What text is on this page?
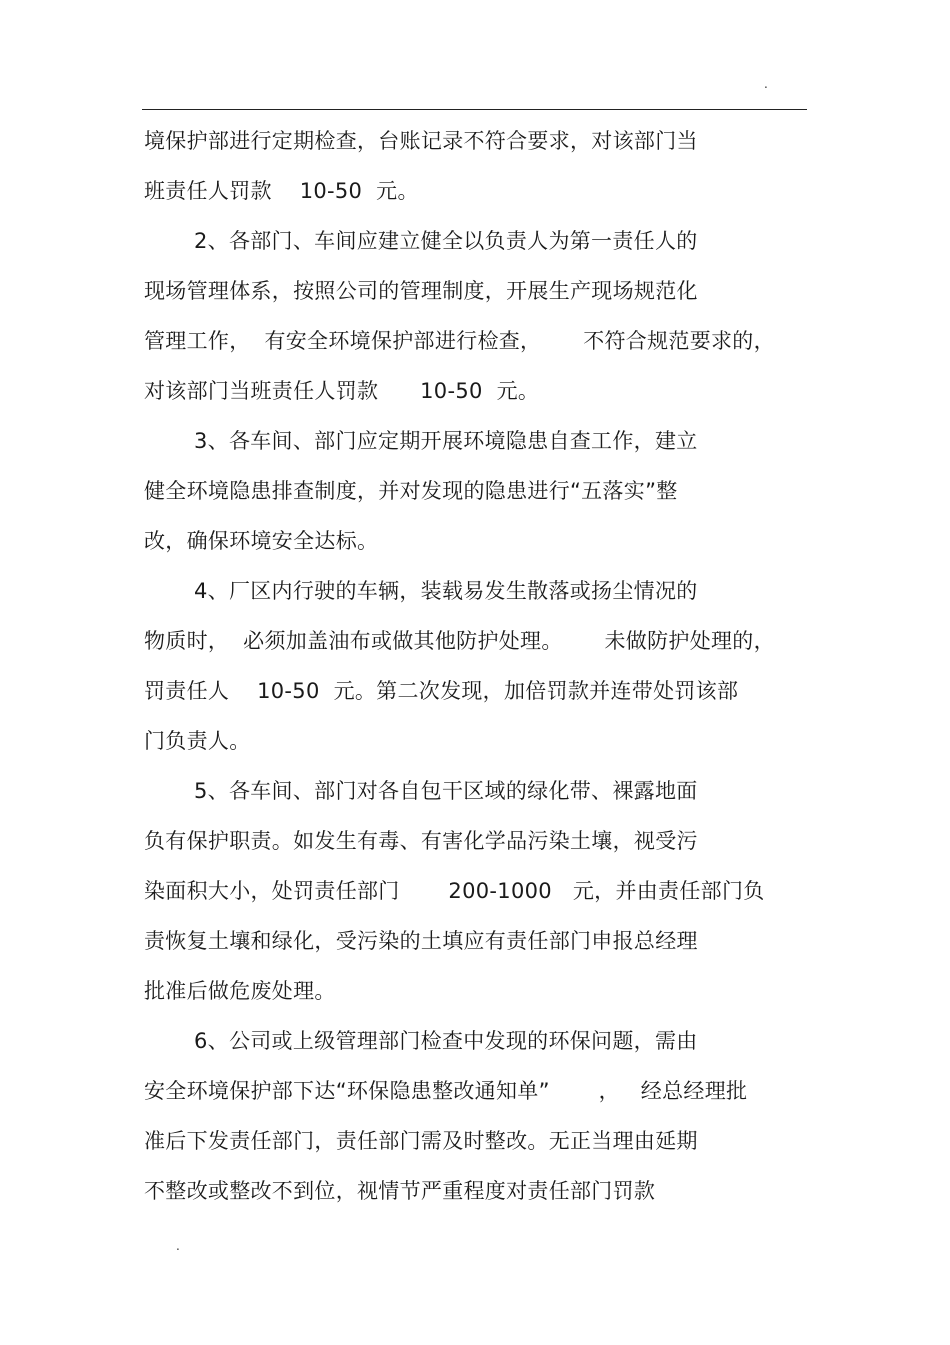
.
境保护部进行定期检查，台账记录不符合要求，对该部门当
班责任人罚款    10-50  元。
2、各部门、车间应建立健全以负责人为第一责任人的
现场管理体系，按照公司的管理制度，开展生产现场规范化
管理工作，  有安全环境保护部进行检查，      不符合规范要求的，
对该部门当班责任人罚款      10-50  元。
3、各车间、部门应定期开展环境隐患自查工作，建立
健全环境隐患排查制度，并对发现的隐患进行“五落实”整
改，确保环境安全达标。
4、厂区内行驶的车辆，装载易发生散落或扬尘情况的
物质时，  必须加盖油布或做其他防护处理。      未做防护处理的，
罚责任人    10-50  元。第二次发现，加倍罚款并连带处罚该部
门负责人。
5、各车间、部门对各自包干区域的绿化带、裸露地面
负有保护职责。如发生有毒、有害化学品污染土壤，视受污
染面积大小，处罚责任部门       200-1000   元，并由责任部门负
责恢复土壤和绿化，受污染的土填应有责任部门申报总经理
批准后做危废处理。
6、公司或上级管理部门检查中发现的环保问题，需由
安全环境保护部下达“环保隐患整改通知单”       ，   经总经理批
准后下发责任部门，责任部门需及时整改。无正当理由延期
不整改或整改不到位，视情节严重程度对责任部门罚款
.
